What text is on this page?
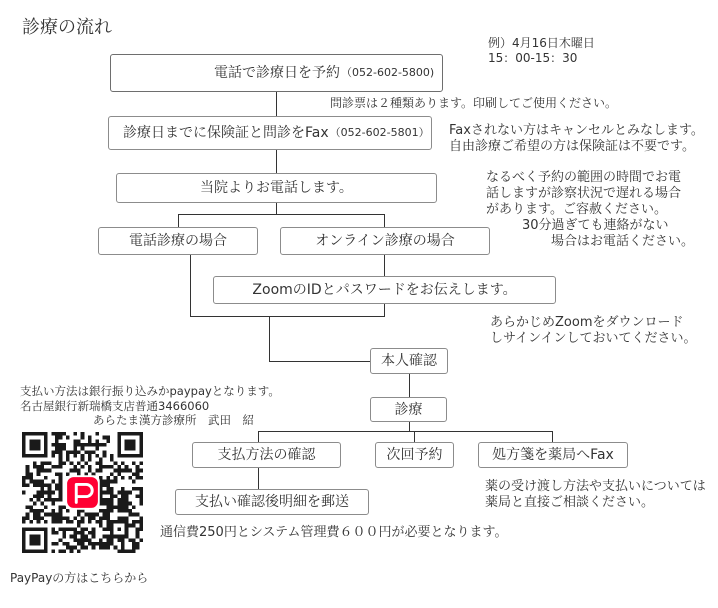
診療の流れ
例）4月16日木曜日
15：00-15：30
電話で診療日を予約 （052-602-5800)
診療日までに保険証と問診をFax （052-602-5801）
当院よりお電話します。
電話診療の場合	オンライン診療の場合
ZoomのIDとパスワードをお伝えします。
本人確認
診療
支払方法の確認	次回予約	処方箋を薬局へFax
支払い確認後明細を郵送
問診票は２種類あります。印刷してご使用ください。
Faxされない方はキャンセルとみなします。
自由診療ご希望の方は保険証は不要です。
なるべく予約の範囲の時間でお電
話しますが診察状況で遅れる場合
があります。ご容赦ください。
30分過ぎても連絡がない
場合はお電話ください。
あらかじめZoomをダウンロード
しサインインしておいてください。
薬の受け渡し方法や支払いについては
薬局と直接ご相談ください。
通信費250円とシステム管理費６００円が必要となります。
支払い方法は銀行振り込みかpaypayとなります。
名古屋銀行新瑞橋支店普通3466060
あらたま漢方診療所　武田　紹
PayPayの方はこちらから
